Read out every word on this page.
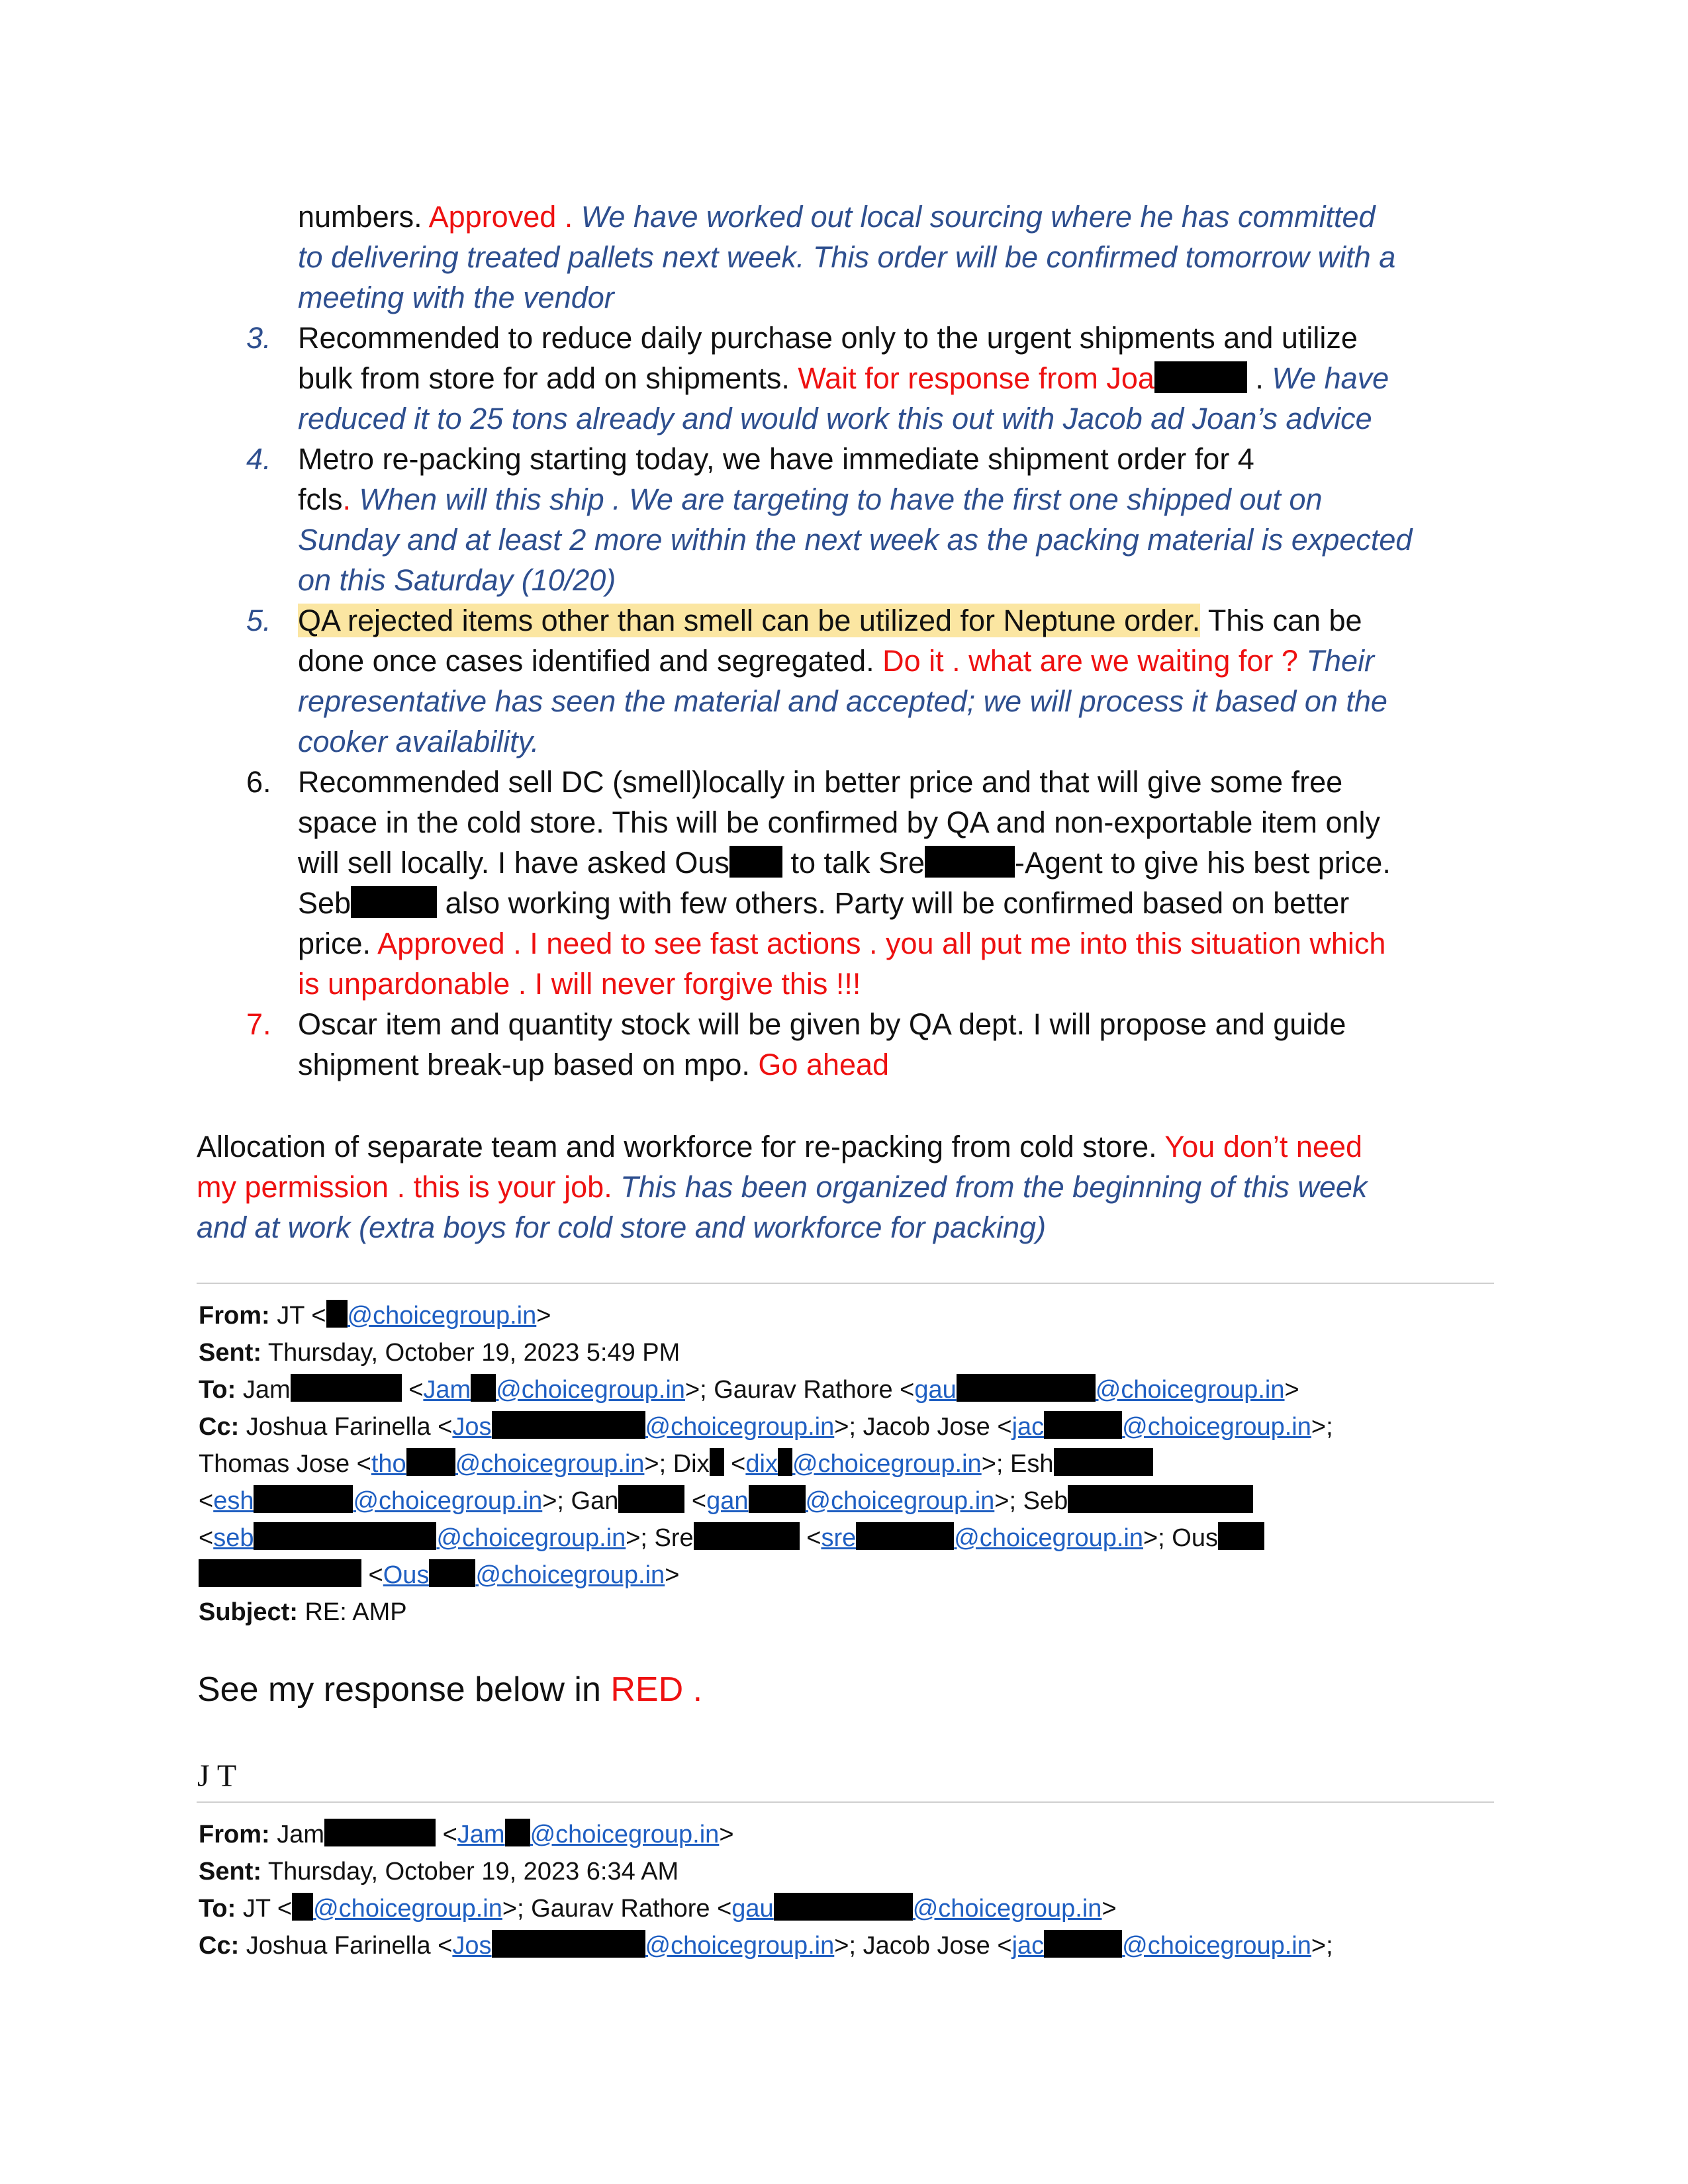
numbers. Approved . We have worked out local sourcing where he has committed
to delivering treated pallets next week. This order will be confirmed tomorrow with a
meeting with the vendor
3. Recommended to reduce daily purchase only to the urgent shipments and utilize
bulk from store for add on shipments. Wait for response from Joa	. We have
reduced it to 25 tons already and would work this out with Jacob ad Joan’s advice
4. Metro re-packing starting today, we have immediate shipment order for 4
fcls. When will this ship . We are targeting to have the first one shipped out on
Sunday and at least 2 more within the next week as the packing material is expected
on this Saturday (10/20)
5. QA rejected items other than smell can be utilized for Neptune order. This can be
done once cases identified and segregated. Do it . what are we waiting for ? Their
representative has seen the material and accepted; we will process it based on the
cooker availability.
6. Recommended sell DC (smell)locally in better price and that will give some free
space in the cold store. This will be confirmed by QA and non-exportable item only
will sell locally. I have asked Ous to talk Sre	-Agent to give his best price.
Seb	also working with few others. Party will be confirmed based on better
price. Approved . I need to see fast actions . you all put me into this situation which
is unpardonable . I will never forgive this !!!
7. Oscar item and quantity stock will be given by QA dept. I will propose and guide
shipment break-up based on mpo. Go ahead
Allocation of separate team and workforce for re-packing from cold store. You don’t need
my permission . this is your job. This has been organized from the beginning of this week
and at work (extra boys for cold store and workforce for packing)
From: JT < @choicegroup.in>
Sent: Thursday, October 19, 2023 5:49 PM
To: Jam	<Jam @choicegroup.in>; Gaurav Rathore <gau	@choicegroup.in>
Cc: Joshua Farinella <Jos	@choicegroup.in>; Jacob Jose <jac	@choicegroup.in>;
Thomas Jose <tho @choicegroup.in>; Dix <dix @choicegroup.in>; Esh
<esh	@choicegroup.in>; Gan	<gan @choicegroup.in>; Seb
<seb	@choicegroup.in>; Sre	<sre	@choicegroup.in>; Ous
<Ous @choicegroup.in>
Subject: RE: AMP
See my response below in RED .
J T
From: Jam	<Jam @choicegroup.in>
Sent: Thursday, October 19, 2023 6:34 AM
To: JT < @choicegroup.in>; Gaurav Rathore <gau	@choicegroup.in>
Cc: Joshua Farinella <Jos	@choicegroup.in>; Jacob Jose <jac	@choicegroup.in>;
